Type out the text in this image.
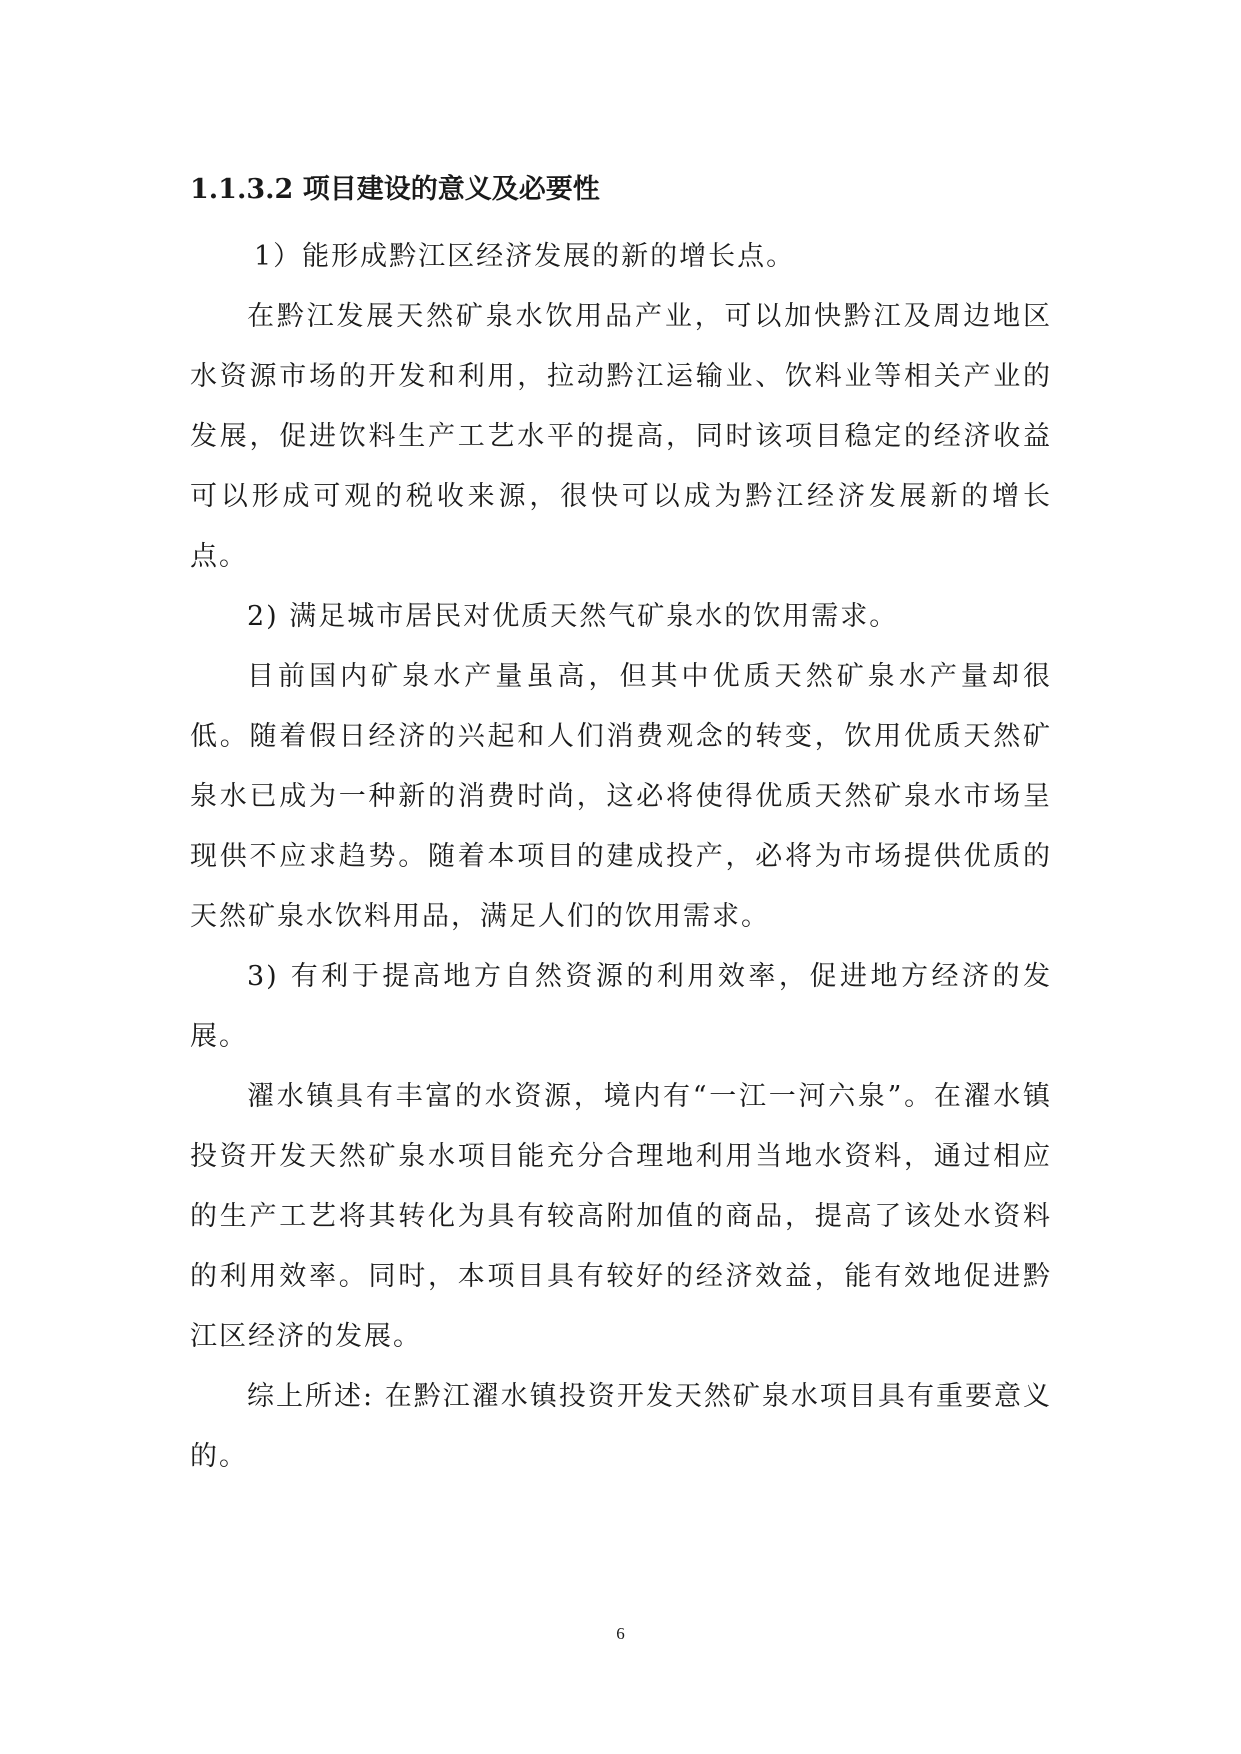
1.1.3.2 项目建设的意义及必要性

1）能形成黔江区经济发展的新的增长点。

在黔江发展天然矿泉水饮用品产业，可以加快黔江及周边地区水资源市场的开发和利用，拉动黔江运输业、饮料业等相关产业的发展，促进饮料生产工艺水平的提高，同时该项目稳定的经济收益可以形成可观的税收来源，很快可以成为黔江经济发展新的增长点。

2) 满足城市居民对优质天然气矿泉水的饮用需求。

目前国内矿泉水产量虽高，但其中优质天然矿泉水产量却很低。随着假日经济的兴起和人们消费观念的转变，饮用优质天然矿泉水已成为一种新的消费时尚，这必将使得优质天然矿泉水市场呈现供不应求趋势。随着本项目的建成投产，必将为市场提供优质的天然矿泉水饮料用品，满足人们的饮用需求。

3) 有利于提高地方自然资源的利用效率，促进地方经济的发展。

濯水镇具有丰富的水资源，境内有“一江一河六泉”。在濯水镇投资开发天然矿泉水项目能充分合理地利用当地水资料，通过相应的生产工艺将其转化为具有较高附加值的商品，提高了该处水资料的利用效率。同时，本项目具有较好的经济效益，能有效地促进黔江区经济的发展。

综上所述: 在黔江濯水镇投资开发天然矿泉水项目具有重要意义的。

6
